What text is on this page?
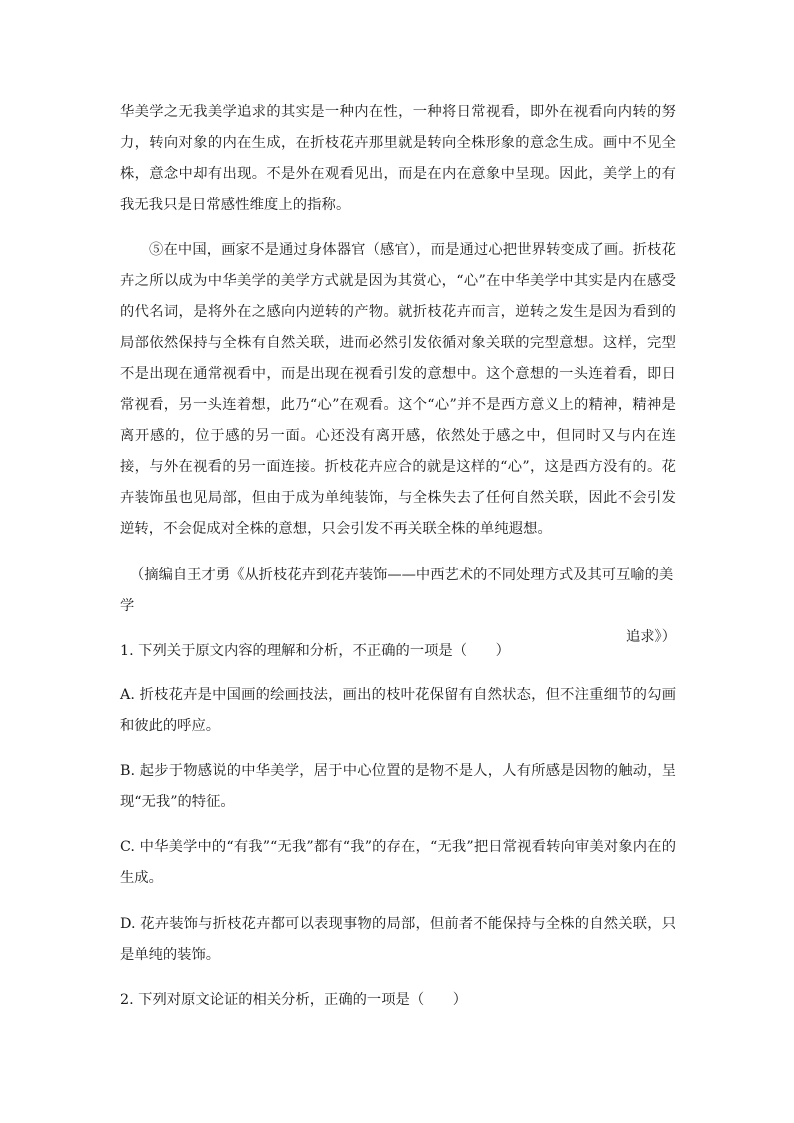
华美学之无我美学追求的其实是一种内在性，一种将日常视看，即外在视看向内转的努力，转向对象的内在生成，在折枝花卉那里就是转向全株形象的意念生成。画中不见全株，意念中却有出现。不是外在观看见出，而是在内在意象中呈现。因此，美学上的有我无我只是日常感性维度上的指称。

⑤在中国，画家不是通过身体器官（感官），而是通过心把世界转变成了画。折枝花卉之所以成为中华美学的美学方式就是因为其赏心，“心”在中华美学中其实是内在感受的代名词，是将外在之感向内逆转的产物。就折枝花卉而言，逆转之发生是因为看到的局部依然保持与全株有自然关联，进而必然引发依循对象关联的完型意想。这样，完型不是出现在通常视看中，而是出现在视看引发的意想中。这个意想的一头连着看，即日常视看，另一头连着想，此乃“心”在观看。这个“心”并不是西方意义上的精神，精神是离开感的，位于感的另一面。心还没有离开感，依然处于感之中，但同时又与内在连接，与外在视看的另一面连接。折枝花卉应合的就是这样的“心”，这是西方没有的。花卉装饰虽也见局部，但由于成为单纯装饰，与全株失去了任何自然关联，因此不会引发逆转，不会促成对全株的意想，只会引发不再关联全株的单纯遐想。

（摘编自王才勇《从折枝花卉到花卉装饰——中西艺术的不同处理方式及其可互喻的美学
追求》）

1. 下列关于原文内容的理解和分析，不正确的一项是（　　）

A. 折枝花卉是中国画的绘画技法，画出的枝叶花保留有自然状态，但不注重细节的勾画和彼此的呼应。

B. 起步于物感说的中华美学，居于中心位置的是物不是人，人有所感是因物的触动，呈现“无我”的特征。

C. 中华美学中的“有我”“无我”都有“我”的存在，“无我”把日常视看转向审美对象内在的生成。

D. 花卉装饰与折枝花卉都可以表现事物的局部，但前者不能保持与全株的自然关联，只是单纯的装饰。

2. 下列对原文论证的相关分析，正确的一项是（　　）
